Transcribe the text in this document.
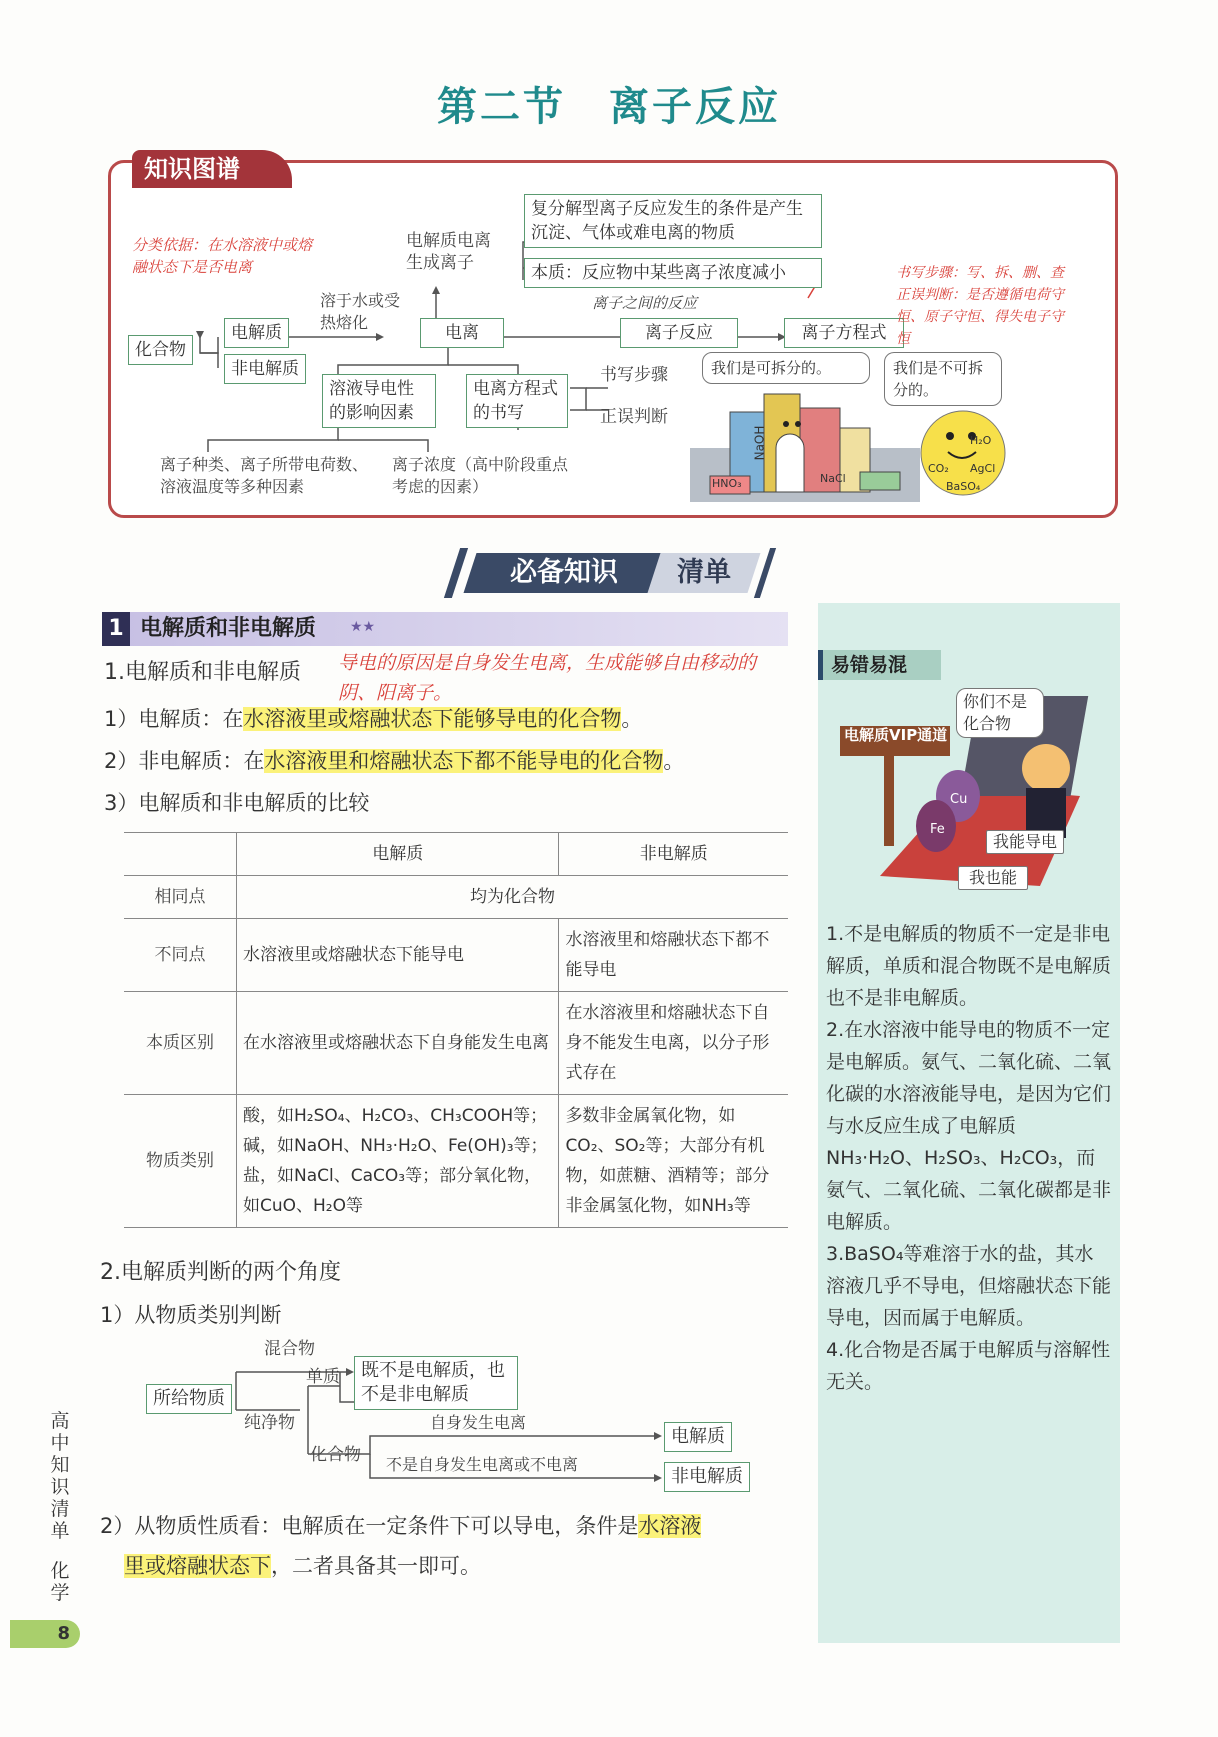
第二节　离子反应
知识图谱
分类依据：在水溶液中或熔融状态下是否电离
化合物
电解质
非电解质
溶于水或受热熔化
电解质电离生成离子
电离
复分解型离子反应发生的条件是产生沉淀、气体或难电离的物质
本质：反应物中某些离子浓度减小
离子之间的反应
离子反应	离子方程式
书写步骤：写、拆、删、查正误判断：是否遵循电荷守恒、原子守恒、得失电子守恒
溶液导电性的影响因素
电离方程式的书写
书写步骤
正误判断
离子种类、离子所带电荷数、溶液温度等多种因素
离子浓度（高中阶段重点考虑的因素）
我们是可拆分的。	我们是不可拆分的。
NaOH
HNO₃	NaCl
H₂O
CO₂ AgCl
BaSO₄
必备知识	清单
易错易混
电解质VIP通道
Cu
Fe
你们不是化合物
我能导电
我也能
1.不是电解质的物质不一定是非电解质，单质和混合物既不是电解质也不是非电解质。
2.在水溶液中能导电的物质不一定是电解质。氨气、二氧化硫、二氧化碳的水溶液能导电，是因为它们与水反应生成了电解质NH₃·H₂O、H₂SO₃、H₂CO₃，而氨气、二氧化硫、二氧化碳都是非电解质。
3.BaSO₄等难溶于水的盐，其水溶液几乎不导电，但熔融状态下能导电，因而属于电解质。
4.化合物是否属于电解质与溶解性无关。
1 电解质和非电解质 ★★
1.电解质和非电解质 导电的原因是自身发生电离，生成能够自由移动的阴、阳离子。
1）电解质：在水溶液里或熔融状态下能够导电的化合物。
2）非电解质：在水溶液里和熔融状态下都不能导电的化合物。
3）电解质和非电解质的比较
	电解质	非电解质
相同点	均为化合物	
不同点	水溶液里或熔融状态下能导电	水溶液里和熔融状态下都不能导电
本质区别	在水溶液里或熔融状态下自身能发生电离	在水溶液里和熔融状态下自身不能发生电离，以分子形式存在
物质类别	酸，如H₂SO₄、H₂CO₃、CH₃COOH等；碱，如NaOH、NH₃·H₂O、Fe(OH)₃等；盐，如NaCl、CaCO₃等；部分氧化物，如CuO、H₂O等	多数非金属氧化物，如CO₂、SO₂等；大部分有机物，如蔗糖、酒精等；部分非金属氢化物，如NH₃等
2.电解质判断的两个角度
1）从物质类别判断
所给物质
混合物
纯净物
单质	既不是电解质，也不是非电解质
化合物
自身发生电离
不是自身发生电离或不电离
电解质
非电解质
2）从物质性质看：电解质在一定条件下可以导电，条件是水溶液
里或熔融状态下，二者具备其一即可。
高中知识清单
化学
8
